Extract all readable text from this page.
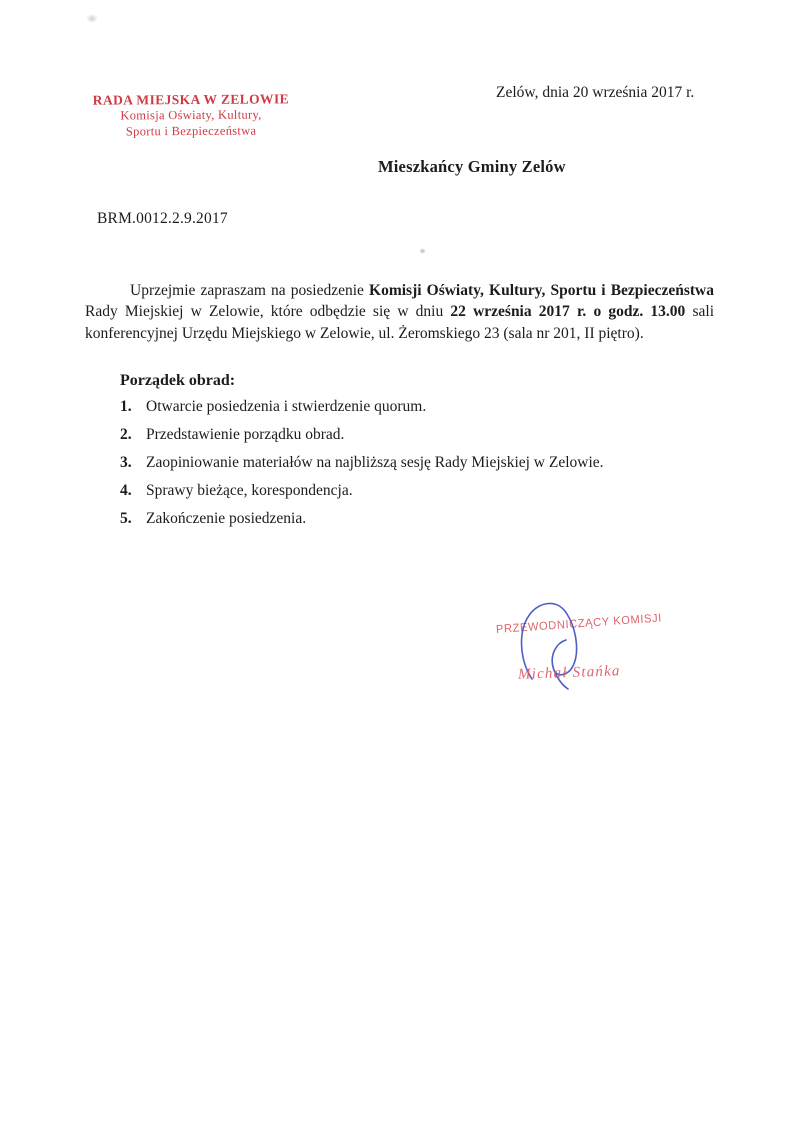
RADA MIEJSKA W ZELOWIE
Komisja Oświaty, Kultury,
Sportu i Bezpieczeństwa
Zelów, dnia 20 września 2017 r.
Mieszkańcy Gminy Zelów
BRM.0012.2.9.2017

Uprzejmie zapraszam na posiedzenie Komisji Oświaty, Kultury, Sportu i Bezpieczeństwa Rady Miejskiej w Zelowie, które odbędzie się w dniu 22 września 2017 r. o godz. 13.00 sali konferencyjnej Urzędu Miejskiego w Zelowie, ul. Żeromskiego 23 (sala nr 201, II piętro).

Porządek obrad:
1. Otwarcie posiedzenia i stwierdzenie quorum.
2. Przedstawienie porządku obrad.
3. Zaopiniowanie materiałów na najbliższą sesję Rady Miejskiej w Zelowie.
4. Sprawy bieżące, korespondencja.
5. Zakończenie posiedzenia.
PRZEWODNICZĄCY KOMISJI
Michał Stańka
